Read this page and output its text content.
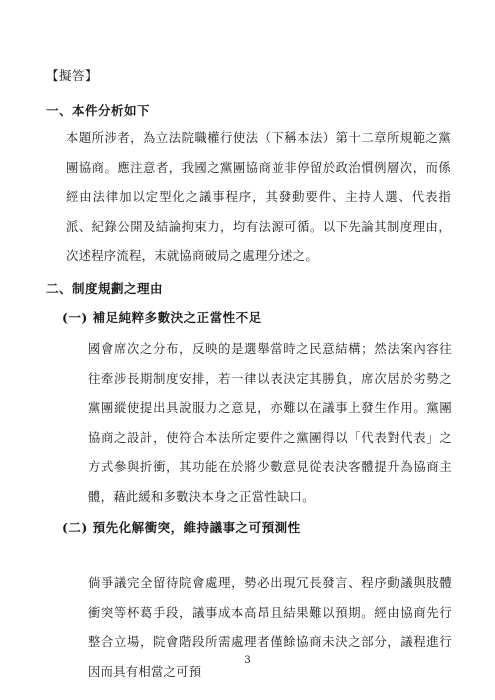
【擬答】
一、本件分析如下
本題所涉者，為立法院職權行使法（下稱本法）第十二章所規範之黨團協商。應注意者，我國之黨團協商並非停留於政治慣例層次，而係經由法律加以定型化之議事程序，其發動要件、主持人選、代表指派、紀錄公開及結論拘束力，均有法源可循。以下先論其制度理由，次述程序流程，末就協商破局之處理分述之。
二、制度規劃之理由
(一) 補足純粹多數決之正當性不足
國會席次之分布，反映的是選舉當時之民意結構；然法案內容往往牽涉長期制度安排，若一律以表決定其勝負，席次居於劣勢之黨團縱使提出具說服力之意見，亦難以在議事上發生作用。黨團協商之設計，使符合本法所定要件之黨團得以「代表對代表」之方式參與折衝，其功能在於將少數意見從表決客體提升為協商主體，藉此緩和多數決本身之正當性缺口。
(二) 預先化解衝突，維持議事之可預測性
倘爭議完全留待院會處理，勢必出現冗長發言、程序動議與肢體衝突等杯葛手段，議事成本高昂且結果難以預期。經由協商先行整合立場，院會階段所需處理者僅餘協商未決之部分，議程進行因而具有相當之可預
3
